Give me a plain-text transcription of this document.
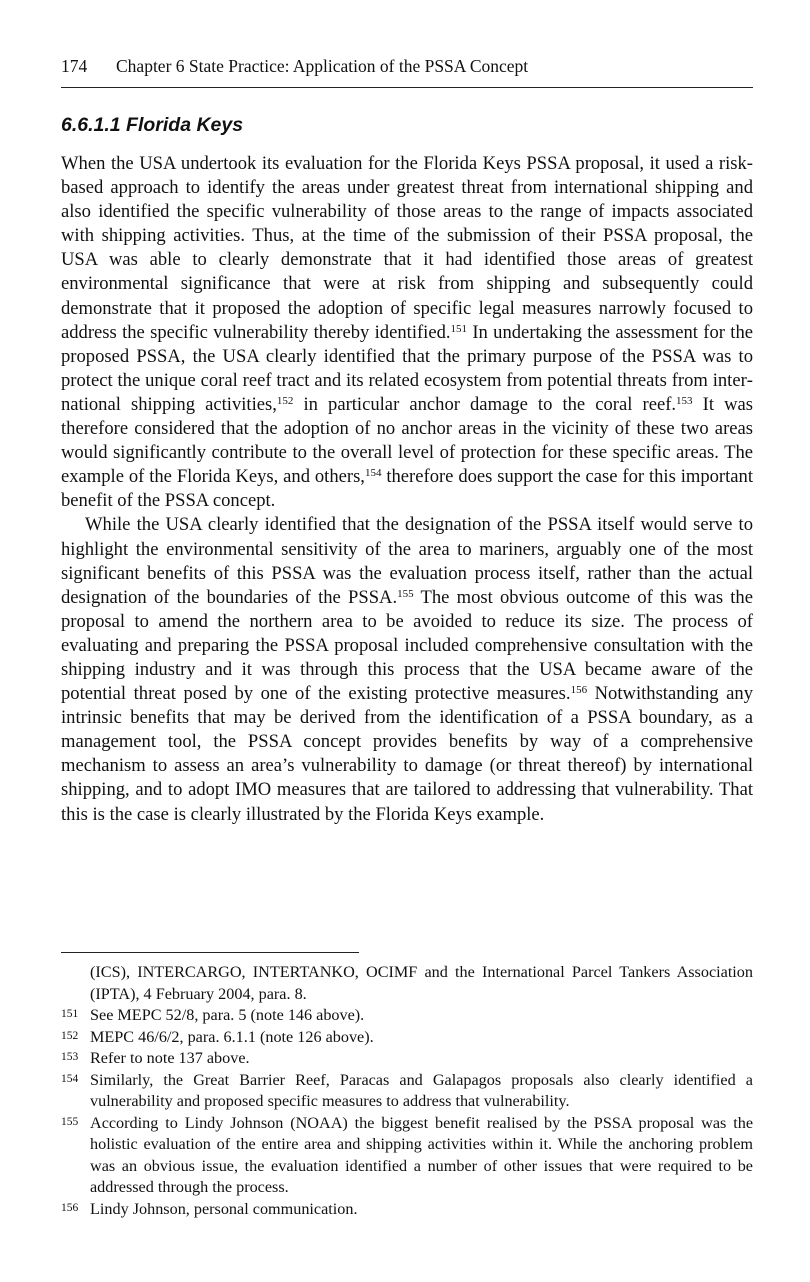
174 Chapter 6 State Practice: Application of the PSSA Concept
6.6.1.1 Florida Keys

When the USA undertook its evaluation for the Florida Keys PSSA proposal, it used a risk-based approach to identify the areas under greatest threat from international shipping and also identified the specific vulnerability of those areas to the range of impacts associated with shipping activities. Thus, at the time of the submission of their PSSA proposal, the USA was able to clearly demonstrate that it had identified those areas of greatest environmental significance that were at risk from shipping and subsequently could demonstrate that it proposed the adoption of specific legal measures narrowly focused to address the specific vulnerability thereby identified.$^{151}$ In undertaking the assessment for the proposed PSSA, the USA clearly identified that the primary purpose of the PSSA was to protect the unique coral reef tract and its related ecosystem from potential threats from international shipping activities,$^{152}$ in particular anchor damage to the coral reef.$^{153}$ It was therefore considered that the adoption of no anchor areas in the vicinity of these two areas would significantly contribute to the overall level of protection for these specific areas. The example of the Florida Keys, and others,$^{154}$ therefore does support the case for this important benefit of the PSSA concept.

While the USA clearly identified that the designation of the PSSA itself would serve to highlight the environmental sensitivity of the area to mariners, arguably one of the most significant benefits of this PSSA was the evaluation process itself, rather than the actual designation of the boundaries of the PSSA.$^{155}$ The most obvious outcome of this was the proposal to amend the northern area to be avoided to reduce its size. The process of evaluating and preparing the PSSA proposal included comprehensive consultation with the shipping industry and it was through this process that the USA became aware of the potential threat posed by one of the existing protective measures.$^{156}$ Notwithstanding any intrinsic benefits that may be derived from the identification of a PSSA boundary, as a management tool, the PSSA concept provides benefits by way of a comprehensive mechanism to assess an area’s vulnerability to damage (or threat thereof) by international shipping, and to adopt IMO measures that are tailored to addressing that vulnerability. That this is the case is clearly illustrated by the Florida Keys example.

(ICS), INTERCARGO, INTERTANKO, OCIMF and the International Parcel Tankers Association (IPTA), 4 February 2004, para. 8.
151 See MEPC 52/8, para. 5 (note 146 above).
152 MEPC 46/6/2, para. 6.1.1 (note 126 above).
153 Refer to note 137 above.
154 Similarly, the Great Barrier Reef, Paracas and Galapagos proposals also clearly identified a vulnerability and proposed specific measures to address that vulnerability.
155 According to Lindy Johnson (NOAA) the biggest benefit realised by the PSSA proposal was the holistic evaluation of the entire area and shipping activities within it. While the anchoring problem was an obvious issue, the evaluation identified a number of other issues that were required to be addressed through the process.
156 Lindy Johnson, personal communication.
